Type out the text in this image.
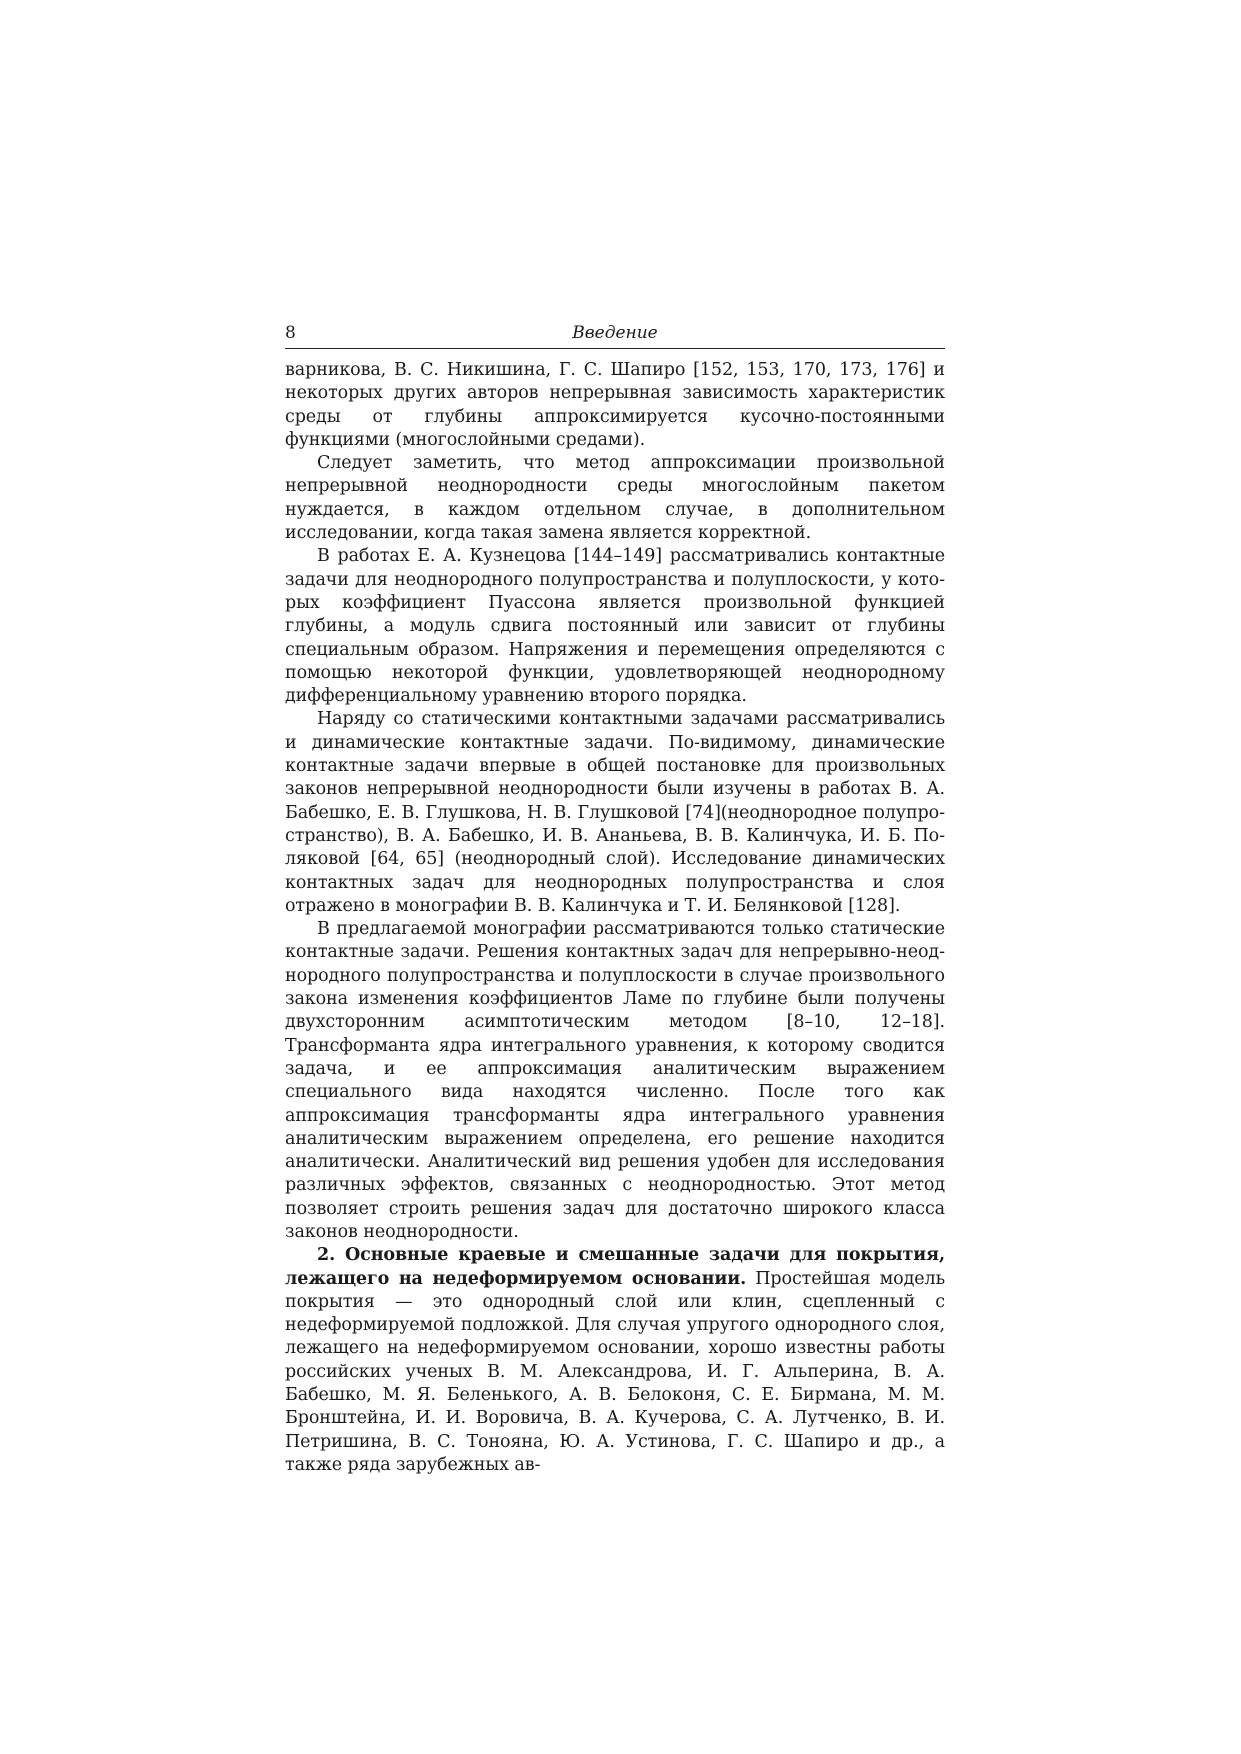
8	Введение

варникова, В. С. Никишина, Г. С. Шапиро [152, 153, 170, 173, 176] и некоторых других авторов непрерывная зависимость характеристик среды от глубины аппроксимируется кусочно-постоянными функциями (многослойными средами).

Следует заметить, что метод аппроксимации произвольной непрерывной неоднородности среды многослойным пакетом нуждается, в каждом отдельном случае, в дополнительном исследовании, когда такая замена является корректной.

В работах Е. А. Кузнецова [144–149] рассматривались контактные задачи для неоднородного полупространства и полуплоскости, у которых коэффициент Пуассона является произвольной функцией глубины, а модуль сдвига постоянный или зависит от глубины специальным образом. Напряжения и перемещения определяются с помощью некоторой функции, удовлетворяющей неоднородному дифференциальному уравнению второго порядка.

Наряду со статическими контактными задачами рассматривались и динамические контактные задачи. По-видимому, динамические контактные задачи впервые в общей постановке для произвольных законов непрерывной неоднородности были изучены в работах В. А. Бабешко, Е. В. Глушкова, Н. В. Глушковой [74](неоднородное полупространство), В. А. Бабешко, И. В. Ананьева, В. В. Калинчука, И. Б. Поляковой [64, 65] (неоднородный слой). Исследование динамических контактных задач для неоднородных полупространства и слоя отражено в монографии В. В. Калинчука и Т. И. Белянковой [128].

В предлагаемой монографии рассматриваются только статические контактные задачи. Решения контактных задач для непрерывно-неоднородного полупространства и полуплоскости в случае произвольного закона изменения коэффициентов Ламе по глубине были получены двухсторонним асимптотическим методом [8–10, 12–18]. Трансформанта ядра интегрального уравнения, к которому сводится задача, и ее аппроксимация аналитическим выражением специального вида находятся численно. После того как аппроксимация трансформанты ядра интегрального уравнения аналитическим выражением определена, его решение находится аналитически. Аналитический вид решения удобен для исследования различных эффектов, связанных с неоднородностью. Этот метод позволяет строить решения задач для достаточно широкого класса законов неоднородности.

2. Основные краевые и смешанные задачи для покрытия, лежащего на недеформируемом основании. Простейшая модель покрытия — это однородный слой или клин, сцепленный с недеформируемой подложкой. Для случая упругого однородного слоя, лежащего на недеформируемом основании, хорошо известны работы российских ученых В. М. Александрова, И. Г. Альперина, В. А. Бабешко, М. Я. Беленького, А. В. Белоконя, С. Е. Бирмана, М. М. Бронштейна, И. И. Воровича, В. А. Кучерова, С. А. Лутченко, В. И. Петришина, В. С. Тонояна, Ю. А. Устинова, Г. С. Шапиро и др., а также ряда зарубежных ав-
